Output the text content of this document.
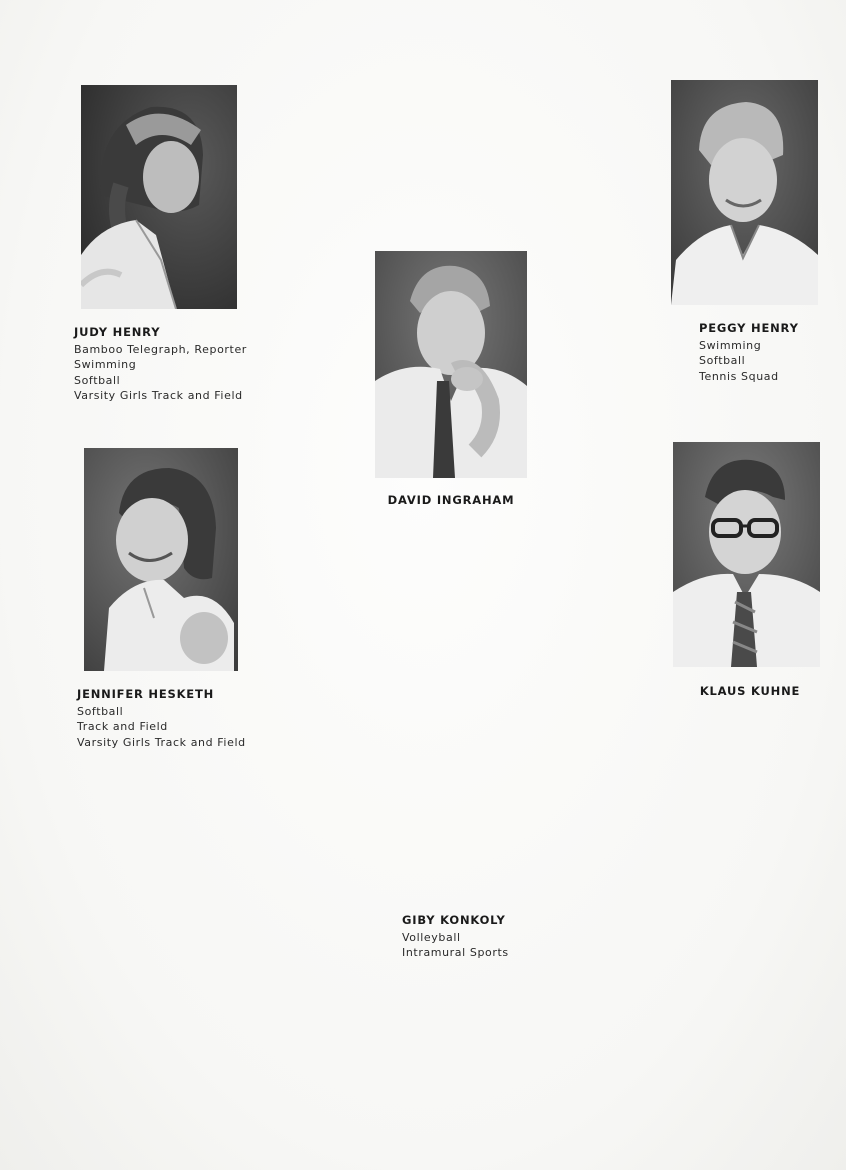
JUDY HENRY
Bamboo Telegraph, Reporter
Swimming
Softball
Varsity Girls Track and Field
PEGGY HENRY
Swimming
Softball
Tennis Squad
DAVID INGRAHAM
JENNIFER HESKETH
Softball
Track and Field
Varsity Girls Track and Field
KLAUS KUHNE
GIBY KONKOLY
Volleyball
Intramural Sports
